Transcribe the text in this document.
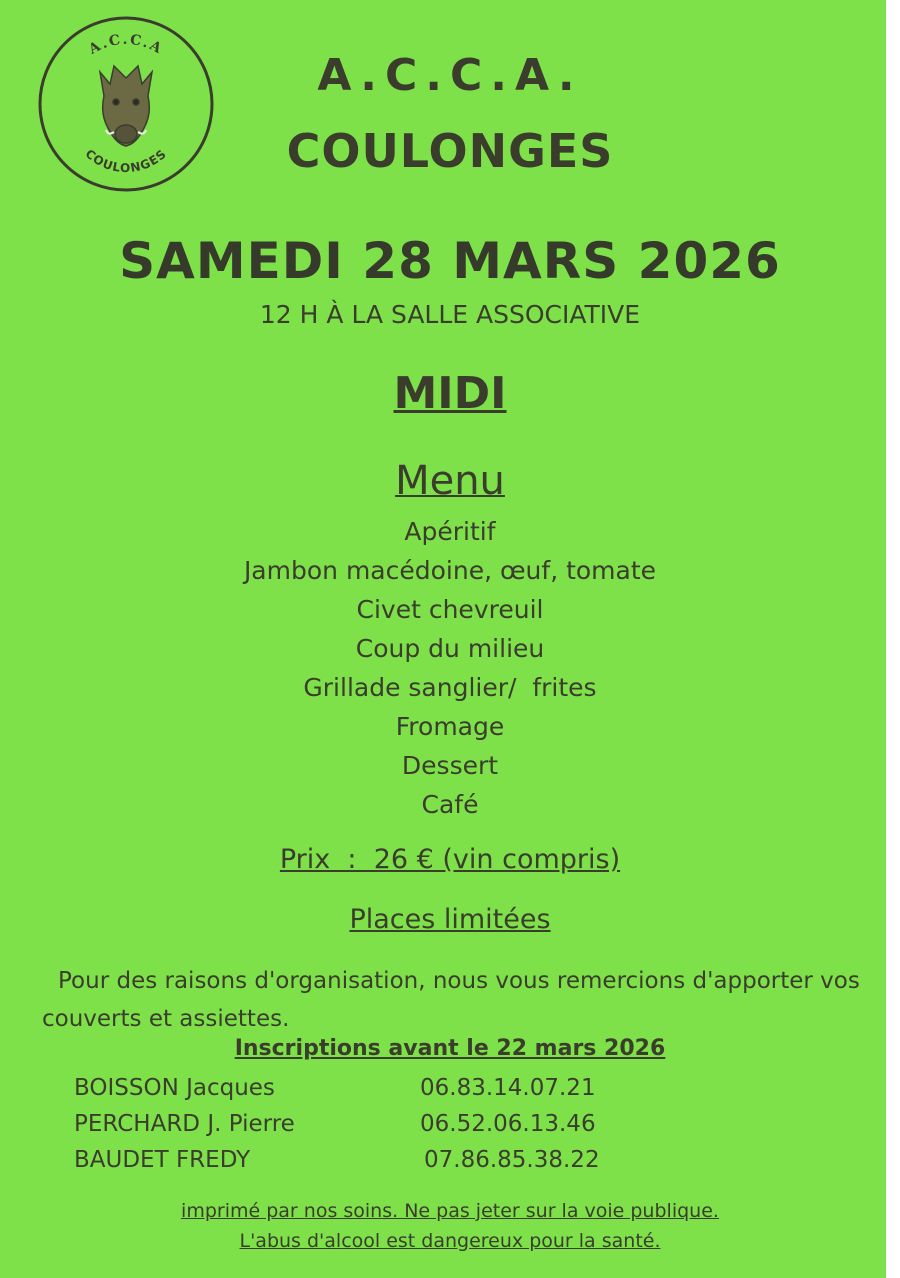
A.C.C.A
COULONGES
A.C.C.A.
COULONGES
SAMEDI 28 MARS 2026
12 H À LA SALLE ASSOCIATIVE
MIDI
Menu
Apéritif
Jambon macédoine, œuf, tomate
Civet chevreuil
Coup du milieu
Grillade sanglier/  frites
Fromage
Dessert
Café
Prix  :  26 € (vin compris)
Places limitées
Pour des raisons d'organisation, nous vous remercions d'apporter vos couverts et assiettes.
Inscriptions avant le 22 mars 2026
BOISSON Jacques	06.83.14.07.21
PERCHARD J. Pierre	06.52.06.13.46
BAUDET FREDY	07.86.85.38.22
imprimé par nos soins. Ne pas jeter sur la voie publique.
L'abus d'alcool est dangereux pour la santé.
